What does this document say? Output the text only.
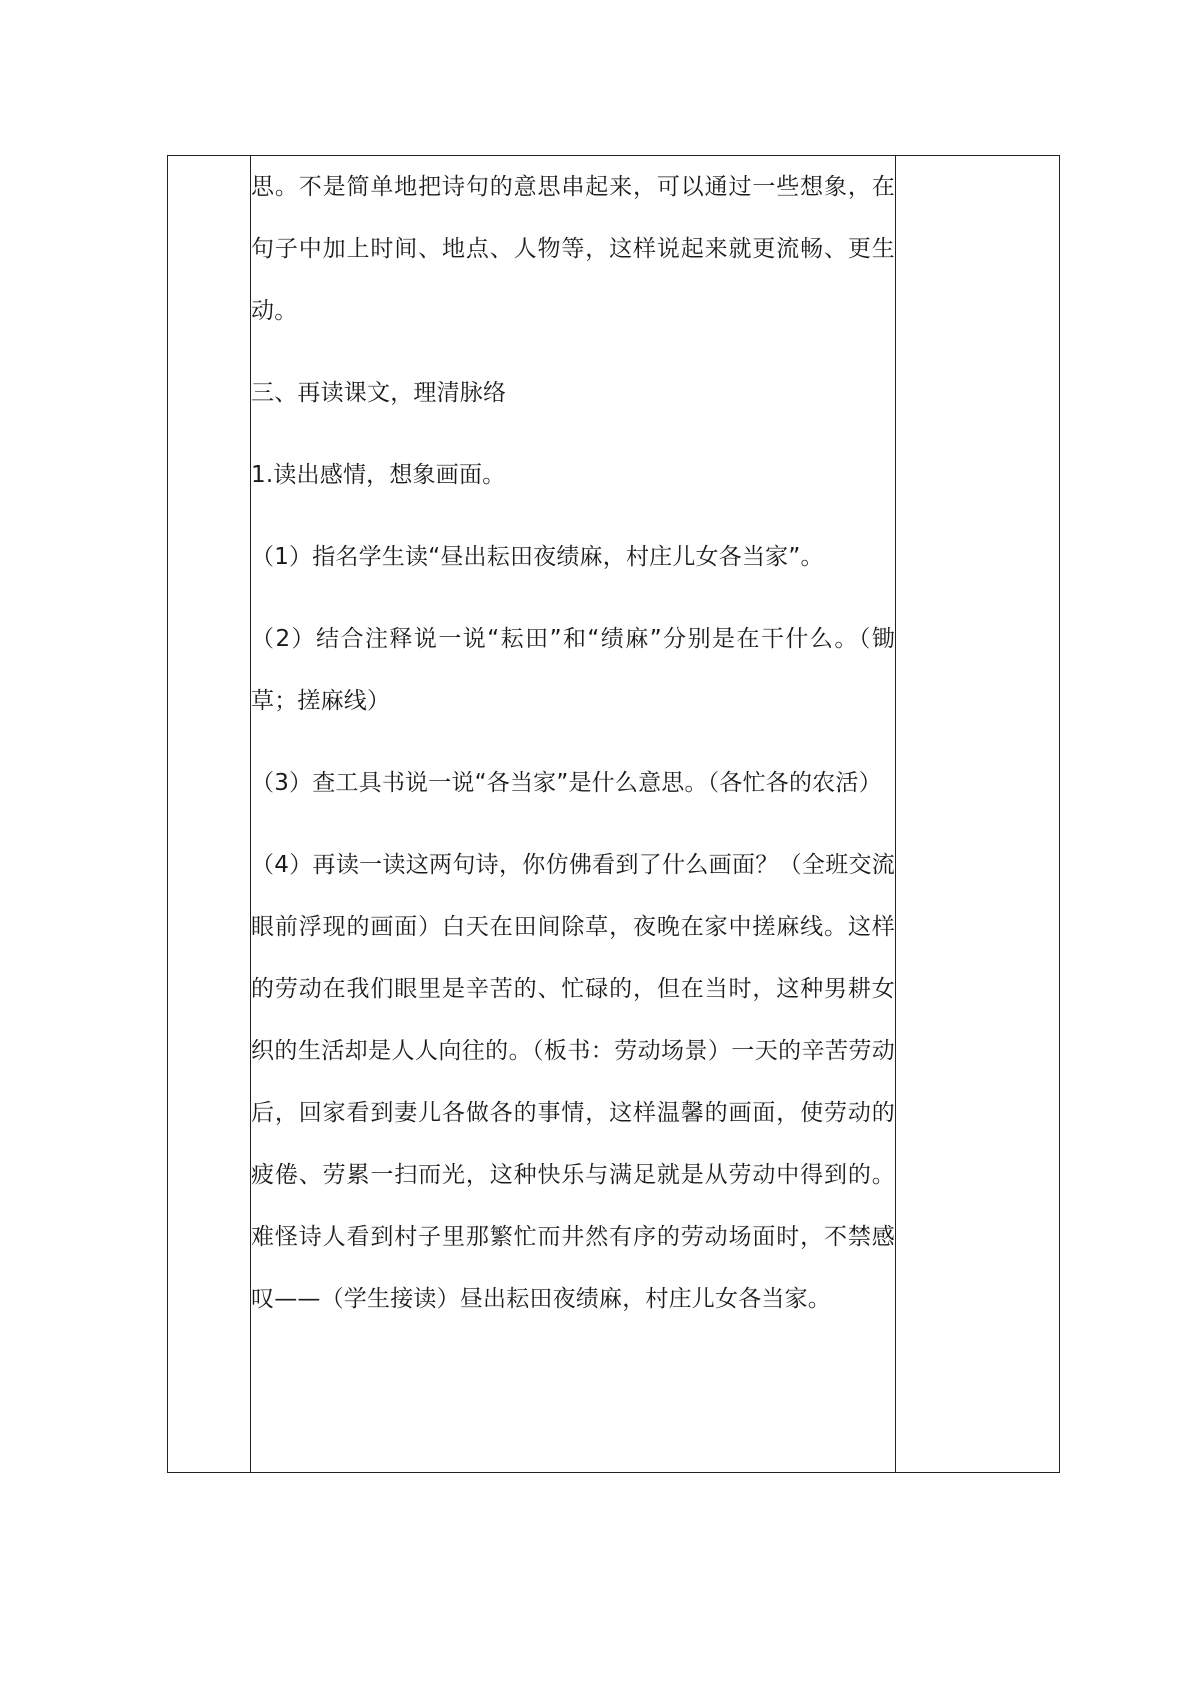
思。不是简单地把诗句的意思串起来，可以通过一些想象，在句子中加上时间、地点、人物等，这样说起来就更流畅、更生动。

三、再读课文，理清脉络

1.读出感情，想象画面。

（1）指名学生读“昼出耘田夜绩麻，村庄儿女各当家”。

（2）结合注释说一说“耘田”和“绩麻”分别是在干什么。（锄草；搓麻线）

（3）查工具书说一说“各当家”是什么意思。（各忙各的农活）

（4）再读一读这两句诗，你仿佛看到了什么画面？（全班交流眼前浮现的画面）白天在田间除草，夜晚在家中搓麻线。这样的劳动在我们眼里是辛苦的、忙碌的，但在当时，这种男耕女织的生活却是人人向往的。（板书：劳动场景）一天的辛苦劳动后，回家看到妻儿各做各的事情，这样温馨的画面，使劳动的疲倦、劳累一扫而光，这种快乐与满足就是从劳动中得到的。难怪诗人看到村子里那繁忙而井然有序的劳动场面时，不禁感叹——（学生接读）昼出耘田夜绩麻，村庄儿女各当家。
